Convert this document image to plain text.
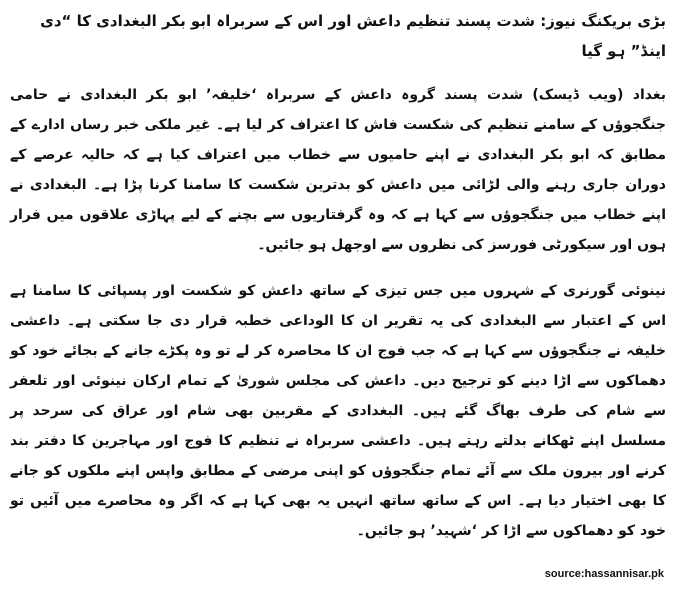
بڑی بریکنگ نیوز: شدت پسند تنظیم داعش اور اس کے سربراہ ابو بکر البغدادی کا “دی اینڈ” ہو گیا

بغداد (ویب ڈیسک) شدت پسند گروہ داعش کے سربراہ ‘خلیفہ’ ابو بکر البغدادی نے حامی جنگجوؤں کے سامنے تنظیم کی شکست فاش کا اعتراف کر لیا ہے۔ غیر ملکی خبر رساں ادارے کے مطابق کہ ابو بکر البغدادی نے اپنے حامیوں سے خطاب میں اعتراف کیا ہے کہ حالیہ عرصے کے دوران جاری رہنے والی لڑائی میں داعش کو بدترین شکست کا سامنا کرنا پڑا ہے۔ البغدادی نے اپنے خطاب میں جنگجوؤں سے کہا ہے کہ وہ گرفتاریوں سے بچنے کے لیے پہاڑی علاقوں میں فرار ہوں اور سیکورٹی فورسز کی نظروں سے اوجھل ہو جائیں۔

نینوئی گورنری کے شہروں میں جس تیزی کے ساتھ داعش کو شکست اور پسپائی کا سامنا ہے اس کے اعتبار سے البغدادی کی یہ تقریر ان کا الوداعی خطبہ قرار دی جا سکتی ہے۔ داعشی خلیفہ نے جنگجوؤں سے کہا ہے کہ جب فوج ان کا محاصرہ کر لے تو وہ پکڑے جانے کے بجائے خود کو دھماکوں سے اڑا دینے کو ترجیح دیں۔ داعش کی مجلس شوریٰ کے تمام ارکان نینوئی اور تلعفر سے شام کی طرف بھاگ گئے ہیں۔ البغدادی کے مقربین بھی شام اور عراق کی سرحد پر مسلسل اپنے ٹھکانے بدلتے رہتے ہیں۔ داعشی سربراہ نے تنظیم کا فوج اور مہاجرین کا دفتر بند کرنے اور بیرون ملک سے آئے تمام جنگجوؤں کو اپنی مرضی کے مطابق واپس اپنے ملکوں کو جانے کا بھی اختیار دیا ہے۔ اس کے ساتھ ساتھ انہیں یہ بھی کہا ہے کہ اگر وہ محاصرے میں آئیں تو خود کو دھماکوں سے اڑا کر ‘شہید’ ہو جائیں۔

source:hassannisar.pk
